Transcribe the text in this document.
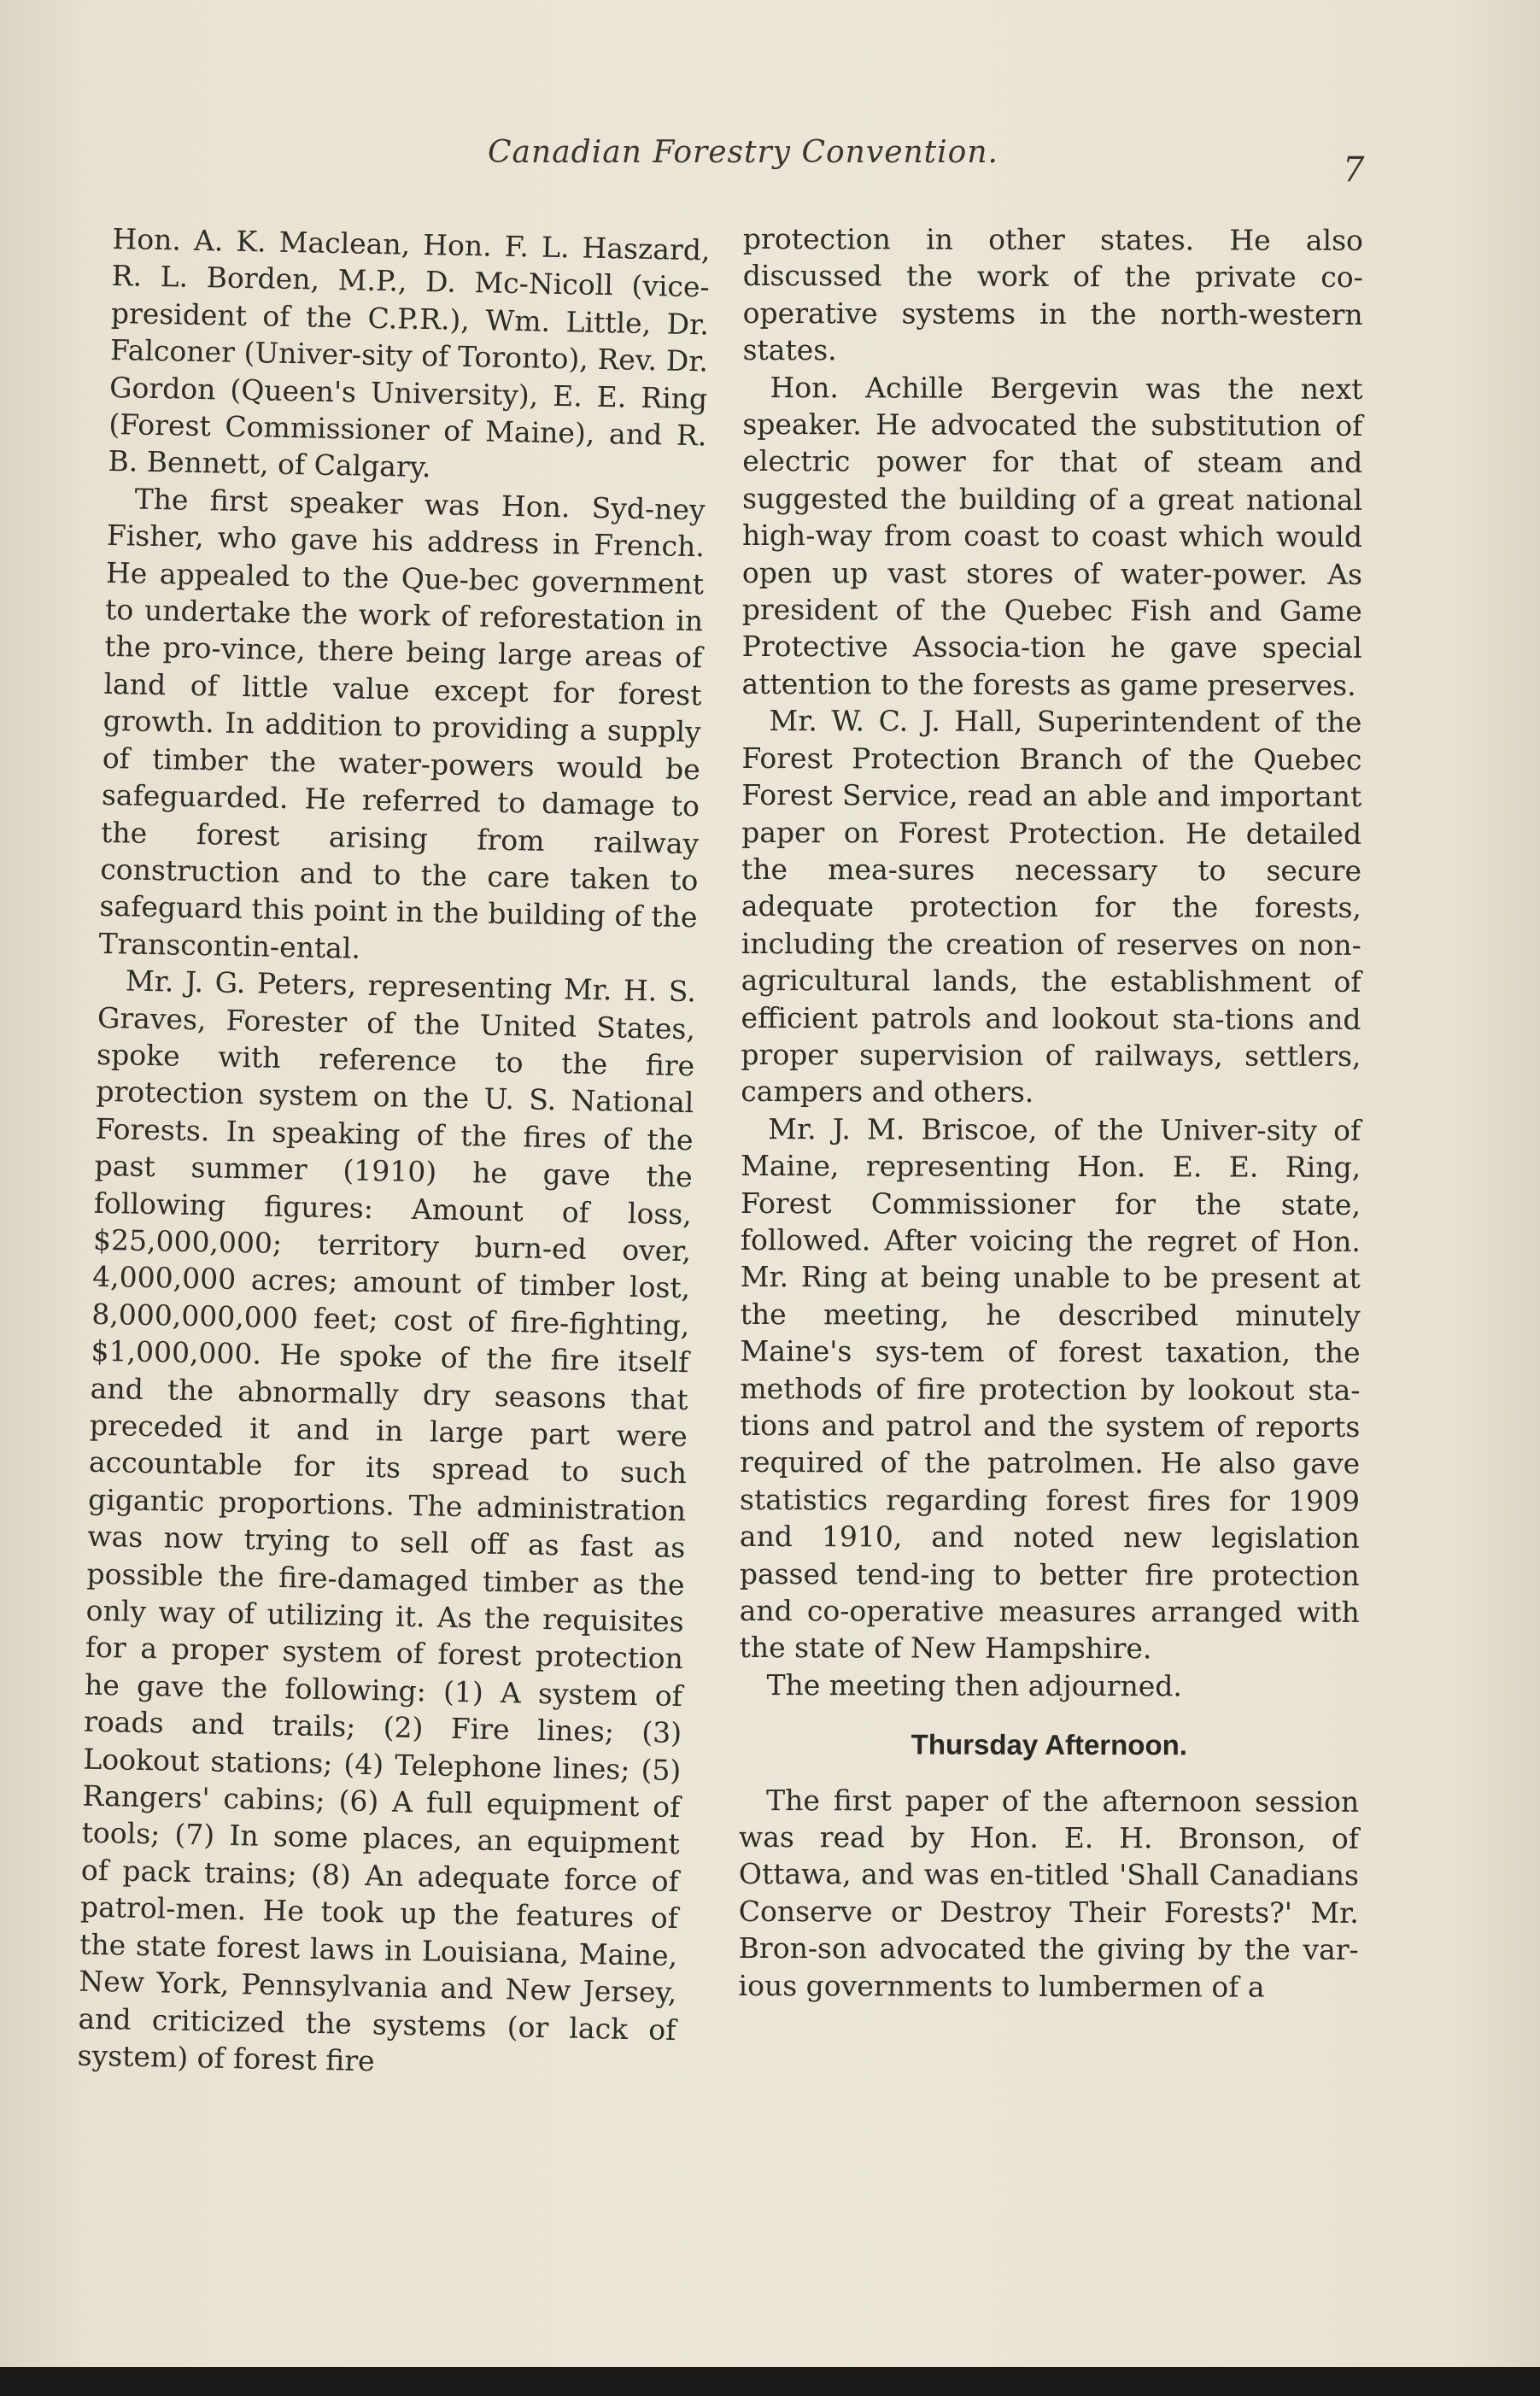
Canadian Forestry Convention.	7

Hon. A. K. Maclean, Hon. F. L. Haszard, R. L. Borden, M.P., D. Mc-Nicoll (vice-president of the C.P.R.), Wm. Little, Dr. Falconer (Univer-sity of Toronto), Rev. Dr. Gordon (Queen's University), E. E. Ring (Forest Commissioner of Maine), and R. B. Bennett, of Calgary.

The first speaker was Hon. Syd-ney Fisher, who gave his address in French. He appealed to the Que-bec government to undertake the work of reforestation in the pro-vince, there being large areas of land of little value except for forest growth. In addition to providing a supply of timber the water-powers would be safeguarded. He referred to damage to the forest arising from railway construction and to the care taken to safeguard this point in the building of the Transcontin-ental.

Mr. J. G. Peters, representing Mr. H. S. Graves, Forester of the United States, spoke with reference to the fire protection system on the U. S. National Forests. In speaking of the fires of the past summer (1910) he gave the following figures: Amount of loss, $25,000,000; territory burn-ed over, 4,000,000 acres; amount of timber lost, 8,000,000,000 feet; cost of fire-fighting, $1,000,000. He spoke of the fire itself and the abnormally dry seasons that preceded it and in large part were accountable for its spread to such gigantic proportions. The administration was now trying to sell off as fast as possible the fire-damaged timber as the only way of utilizing it. As the requisites for a proper system of forest protection he gave the following: (1) A system of roads and trails; (2) Fire lines; (3) Lookout stations; (4) Telephone lines; (5) Rangers' cabins; (6) A full equipment of tools; (7) In some places, an equipment of pack trains; (8) An adequate force of patrol-men. He took up the features of the state forest laws in Louisiana, Maine, New York, Pennsylvania and New Jersey, and criticized the systems (or lack of system) of forest fire

protection in other states. He also discussed the work of the private co-operative systems in the north-western states.

Hon. Achille Bergevin was the next speaker. He advocated the substitution of electric power for that of steam and suggested the building of a great national high-way from coast to coast which would open up vast stores of water-power. As president of the Quebec Fish and Game Protective Associa-tion he gave special attention to the forests as game preserves.

Mr. W. C. J. Hall, Superintendent of the Forest Protection Branch of the Quebec Forest Service, read an able and important paper on Forest Protection. He detailed the mea-sures necessary to secure adequate protection for the forests, including the creation of reserves on non-agricultural lands, the establishment of efficient patrols and lookout sta-tions and proper supervision of railways, settlers, campers and others.

Mr. J. M. Briscoe, of the Univer-sity of Maine, representing Hon. E. E. Ring, Forest Commissioner for the state, followed. After voicing the regret of Hon. Mr. Ring at being unable to be present at the meeting, he described minutely Maine's sys-tem of forest taxation, the methods of fire protection by lookout sta-tions and patrol and the system of reports required of the patrolmen. He also gave statistics regarding forest fires for 1909 and 1910, and noted new legislation passed tend-ing to better fire protection and co-operative measures arranged with the state of New Hampshire.

The meeting then adjourned.

Thursday Afternoon.

The first paper of the afternoon session was read by Hon. E. H. Bronson, of Ottawa, and was en-titled 'Shall Canadians Conserve or Destroy Their Forests?' Mr. Bron-son advocated the giving by the var-ious governments to lumbermen of a
